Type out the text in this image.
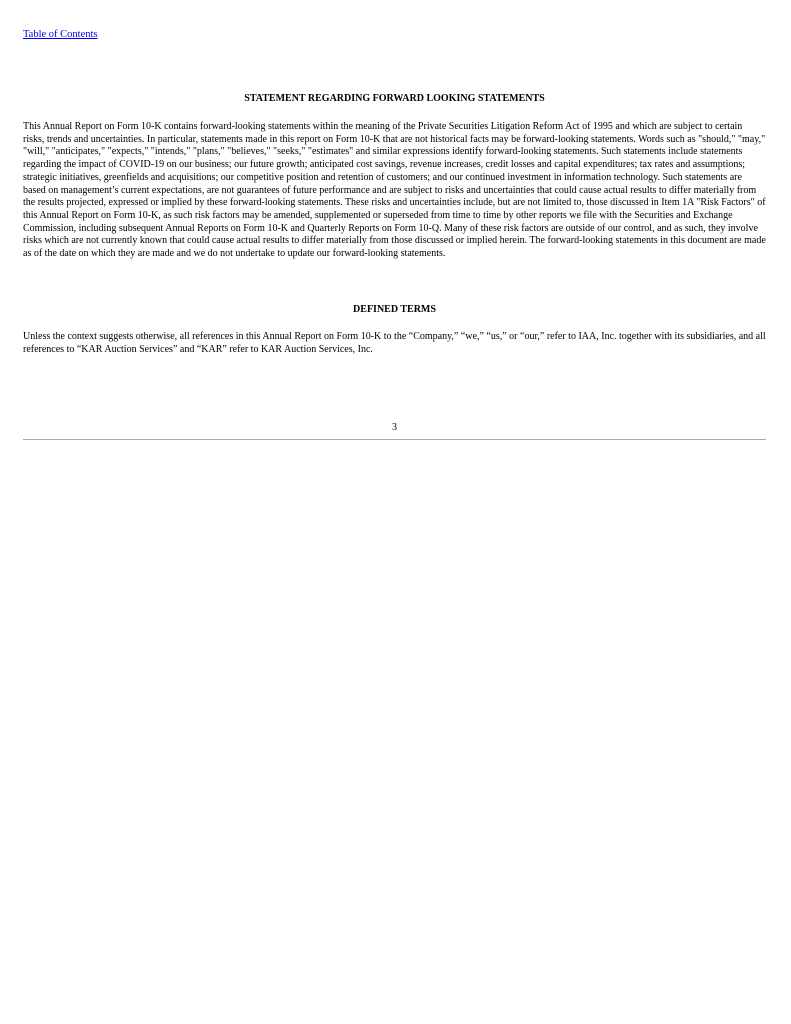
Table of Contents
STATEMENT REGARDING FORWARD LOOKING STATEMENTS

This Annual Report on Form 10-K contains forward-looking statements within the meaning of the Private Securities Litigation Reform Act of 1995 and which are subject to certain risks, trends and uncertainties. In particular, statements made in this report on Form 10-K that are not historical facts may be forward-looking statements. Words such as "should," "may," "will," "anticipates," "expects," "intends," "plans," "believes," "seeks," "estimates" and similar expressions identify forward-looking statements. Such statements include statements regarding the impact of COVID-19 on our business; our future growth; anticipated cost savings, revenue increases, credit losses and capital expenditures; tax rates and assumptions; strategic initiatives, greenfields and acquisitions; our competitive position and retention of customers; and our continued investment in information technology. Such statements are based on management’s current expectations, are not guarantees of future performance and are subject to risks and uncertainties that could cause actual results to differ materially from the results projected, expressed or implied by these forward-looking statements. These risks and uncertainties include, but are not limited to, those discussed in Item 1A "Risk Factors" of this Annual Report on Form 10-K, as such risk factors may be amended, supplemented or superseded from time to time by other reports we file with the Securities and Exchange Commission, including subsequent Annual Reports on Form 10-K and Quarterly Reports on Form 10-Q. Many of these risk factors are outside of our control, and as such, they involve risks which are not currently known that could cause actual results to differ materially from those discussed or implied herein. The forward-looking statements in this document are made as of the date on which they are made and we do not undertake to update our forward-looking statements.

DEFINED TERMS

Unless the context suggests otherwise, all references in this Annual Report on Form 10-K to the “Company,” “we,” “us,” or “our,” refer to IAA, Inc. together with its subsidiaries, and all references to “KAR Auction Services” and “KAR” refer to KAR Auction Services, Inc.

3
